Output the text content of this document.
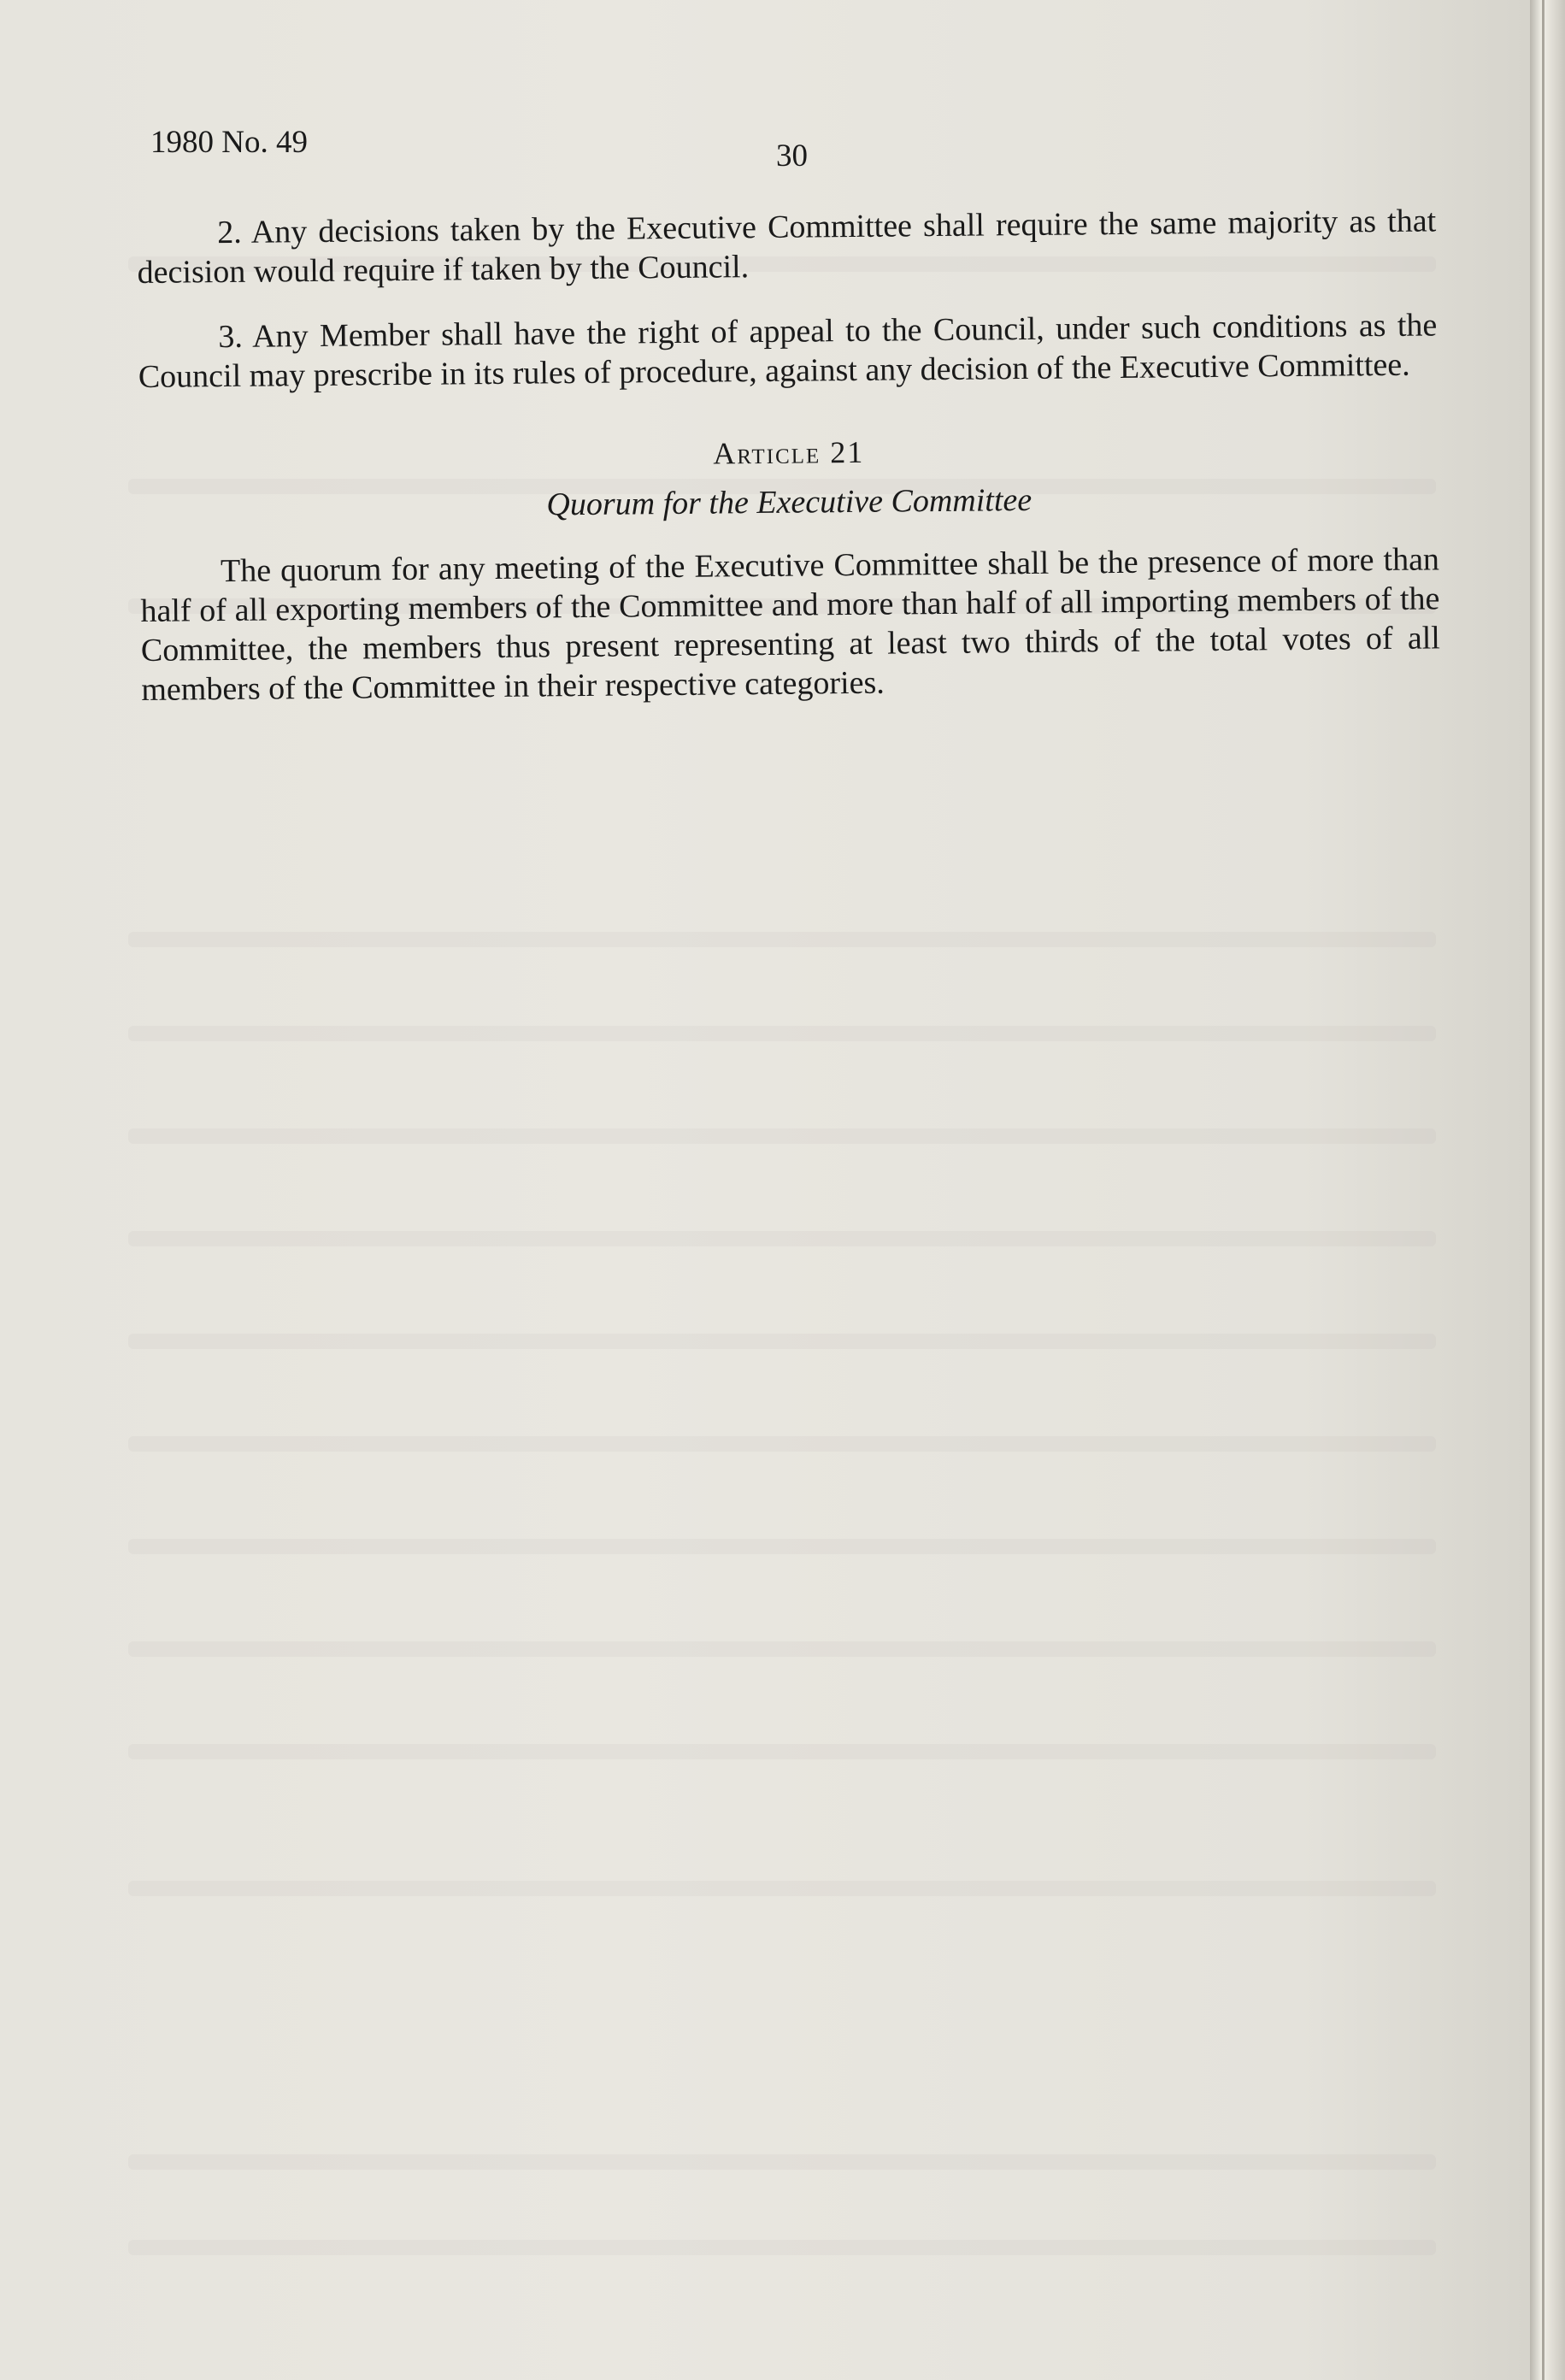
1980 No. 49	30

2. Any decisions taken by the Executive Committee shall require the same majority as that decision would require if taken by the Council.

3. Any Member shall have the right of appeal to the Council, under such conditions as the Council may prescribe in its rules of procedure, against any decision of the Executive Committee.

Article 21
Quorum for the Executive Committee

The quorum for any meeting of the Executive Committee shall be the presence of more than half of all exporting members of the Committee and more than half of all importing members of the Committee, the members thus present representing at least two thirds of the total votes of all members of the Committee in their respective categories.
